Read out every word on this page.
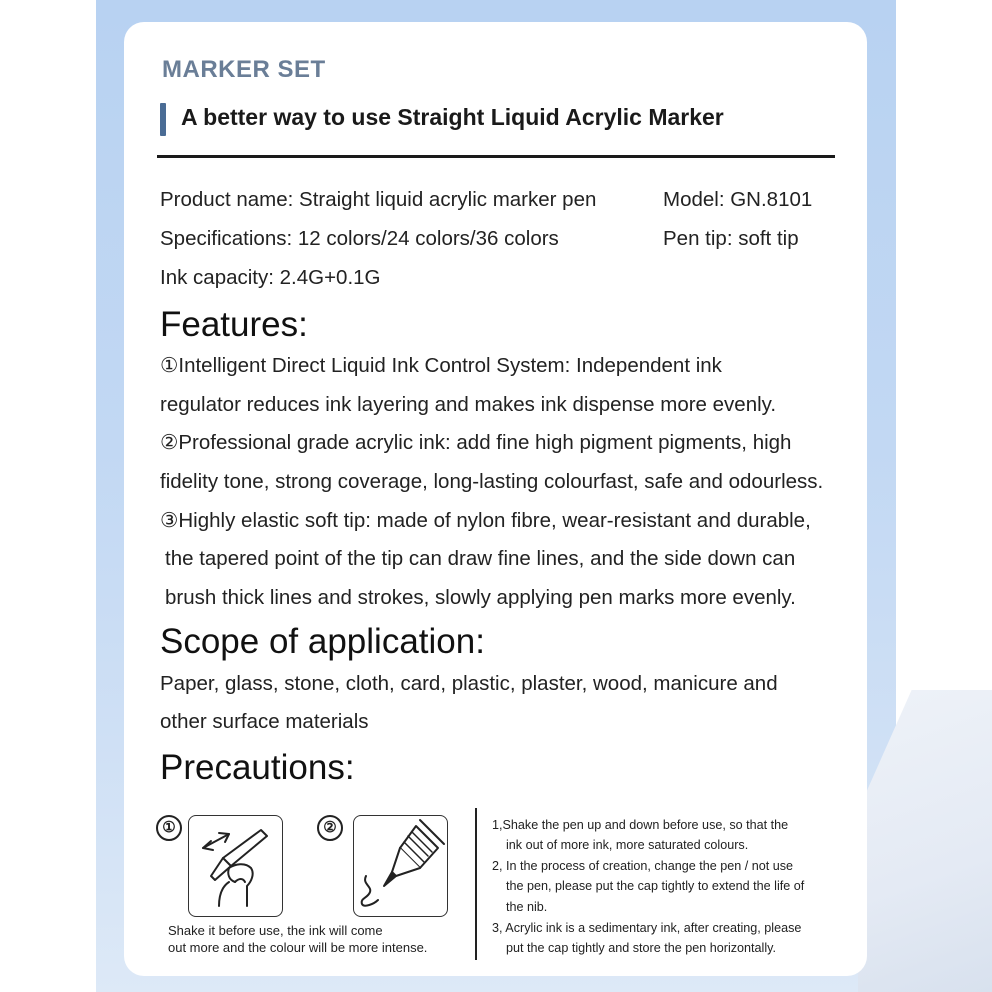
MARKER SET
A better way to use Straight Liquid Acrylic Marker
Product name: Straight liquid acrylic marker pen	Model: GN.8101
Specifications: 12 colors/24 colors/36 colors	Pen tip: soft tip
Ink capacity: 2.4G+0.1G
Features:
①Intelligent Direct Liquid Ink Control System: Independent ink
regulator reduces ink layering and makes ink dispense more evenly.
②Professional grade acrylic ink: add fine high pigment pigments, high
fidelity tone, strong coverage, long-lasting colourfast, safe and odourless.
③Highly elastic soft tip: made of nylon fibre, wear-resistant and durable,
the tapered point of the tip can draw fine lines, and the side down can
brush thick lines and strokes, slowly applying pen marks more evenly.
Scope of application:
Paper, glass, stone, cloth, card, plastic, plaster, wood, manicure and
other surface materials
Precautions:
①	②
Shake it before use, the ink will come
out more and the colour will be more intense.
1,Shake the pen up and down before use, so that the
ink out of more ink, more saturated colours.
2, In the process of creation, change the pen / not use
the pen, please put the cap tightly to extend the life of
the nib.
3, Acrylic ink is a sedimentary ink, after creating, please
put the cap tightly and store the pen horizontally.
